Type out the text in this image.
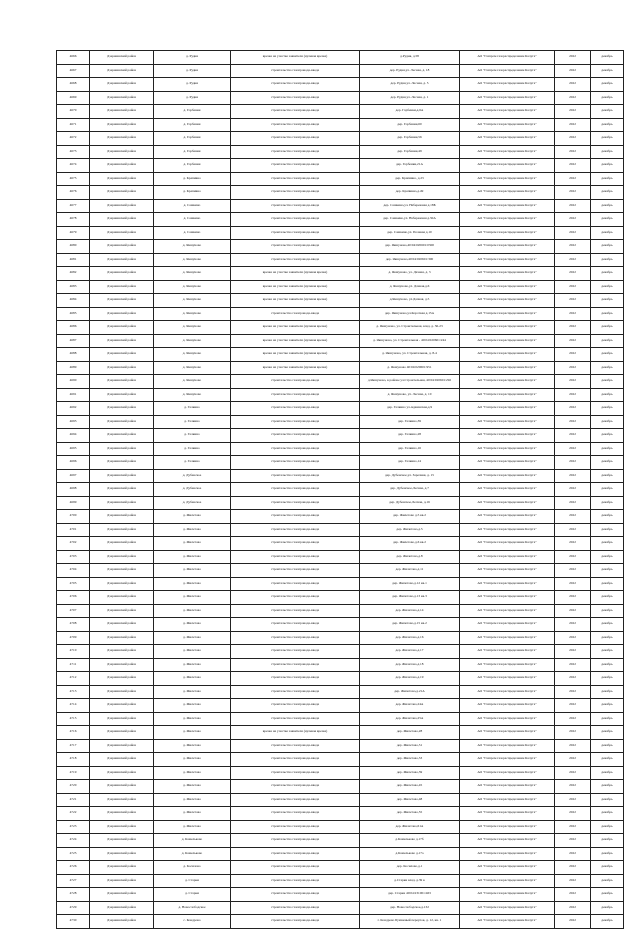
4666	Дзержинский район	д. Рудня	врезка на участке заявителя (нулевая врезка)	д.Рудня, д.58	АО "Газпром газораспределение Калуга"	2022	декабрь
4667	Дзержинский район	д. Рудня	строительство газопровода-ввода	дер. Рудня,ул. Лесная, д. 18	АО "Газпром газораспределение Калуга"	2022	декабрь
4668	Дзержинский район	д. Рудня	строительство газопровода-ввода	дер. Рудня,ул. Лесная, д. 5	АО "Газпром газораспределение Калуга"	2022	декабрь
4669	Дзержинский район	д. Рудня	строительство газопровода-ввода	дер. Рудня,ул. Лесная, д. 1	АО "Газпром газораспределение Калуга"	2022	декабрь
4670	Дзержинский район	д. Горбенки	строительство газопровода-ввода	дер. Горбенки,д.6А	АО "Газпром газораспределение Калуга"	2022	декабрь
4671	Дзержинский район	д. Горбенки	строительство газопровода-ввода	дер. Горбенки,60	АО "Газпром газораспределение Калуга"	2022	декабрь
4672	Дзержинский район	д. Горбенки	строительство газопровода-ввода	дер. Горбенки,56	АО "Газпром газораспределение Калуга"	2022	декабрь
4673	Дзержинский район	д. Горбенки	строительство газопровода-ввода	дер. Горбенки,49	АО "Газпром газораспределение Калуга"	2022	декабрь
4674	Дзержинский район	д. Горбенки	строительство газопровода-ввода	дер. Горбенки,21А	АО "Газпром газораспределение Калуга"	2022	декабрь
4675	Дзержинский район	д. Крапивно	строительство газопровода-ввода	дер. Крапивно, д.23	АО "Газпром газораспределение Калуга"	2022	декабрь
4676	Дзержинский район	д. Крапивно	строительство газопровода-ввода	дер. Крапивно,д.49	АО "Газпром газораспределение Калуга"	2022	декабрь
4677	Дзержинский район	д. Сашкино	строительство газопровода-ввода	дер. Сашкино,ул. Набережная д.18Б	АО "Газпром газораспределение Калуга"	2022	декабрь
4678	Дзержинский район	д. Сашкино	строительство газопровода-ввода	дер. Сашкино,ул. Набережная д.30А	АО "Газпром газораспределение Калуга"	2022	декабрь
4679	Дзержинский район	д. Сашкино	строительство газопровода-ввода	дер. Сашкино,ул. Полевая д.10	АО "Газпром газораспределение Калуга"	2022	декабрь
4680	Дзержинский район	д. Якшуново	строительство газопровода-ввода	дер. Якшуново,40:04:020601:0300	АО "Газпром газораспределение Калуга"	2022	декабрь
4681	Дзержинский район	д. Якшуново	строительство газопровода-ввода	дер. Якшуново,40:04:020601:300	АО "Газпром газораспределение Калуга"	2022	декабрь
4682	Дзержинский район	д. Якшуново	врезка на участке заявителя (нулевая врезка)	д. Якшуново, ул. Дачная, д. 3	АО "Газпром газораспределение Калуга"	2022	декабрь
4683	Дзержинский район	д. Якшуново	врезка на участке заявителя (нулевая врезка)	д. Якшуново,ул. Дачная,д.6	АО "Газпром газораспределение Калуга"	2022	декабрь
4684	Дзержинский район	д. Якшуново	врезка на участке заявителя (нулевая врезка)	д.Якшуново, ул.Дачная, д.5	АО "Газпром газораспределение Калуга"	2022	декабрь
4685	Дзержинский район	д. Якшуново	строительство газопровода-ввода	дер. Якшуново,ул.Короткая д.15А	АО "Газпром газораспределение Калуга"	2022	декабрь
4686	Дзержинский район	д. Якшуново	врезка на участке заявителя (нулевая врезка)	д. Якшуново, ул. Строительная, влад. д. 36-23	АО "Газпром газораспределение Калуга"	2022	декабрь
4687	Дзержинский район	д. Якшуново	врезка на участке заявителя (нулевая врезка)	д. Якшуново, ул. Строительная - 40:04:020601:244	АО "Газпром газораспределение Калуга"	2022	декабрь
4688	Дзержинский район	д. Якшуново	врезка на участке заявителя (нулевая врезка)	д. Якшуново, ул. Строительная, д. 8-4	АО "Газпром газораспределение Калуга"	2022	декабрь
4689	Дзержинский район	д. Якшуново	врезка на участке заявителя (нулевая врезка)	д. Якшуново 40:04:020601:951	АО "Газпром газораспределение Калуга"	2022	декабрь
4690	Дзержинский район	д. Якшуново	строительство газопровода-ввода	д.Якшуново, в районе ул.Строительная, 40:04:020601:292	АО "Газпром газораспределение Калуга"	2022	декабрь
4691	Дзержинский район	д. Якшуново	строительство газопровода-ввода	д. Якшуново, ул. Лесная, д. 10	АО "Газпром газораспределение Калуга"	2022	декабрь
4692	Дзержинский район	д. Галкино	строительство газопровода-ввода	дер. Галкино ул.Аджинская,д.9	АО "Газпром газораспределение Калуга"	2022	декабрь
4693	Дзержинский район	д. Галкино	строительство газопровода-ввода	дер. Галкино,39	АО "Газпром газораспределение Калуга"	2022	декабрь
4694	Дзержинский район	д. Галкино	строительство газопровода-ввода	дер. Галкино,28	АО "Газпром газораспределение Калуга"	2022	декабрь
4695	Дзержинский район	д. Галкино	строительство газопровода-ввода	дер. Галкино,16	АО "Газпром газораспределение Калуга"	2022	декабрь
4696	Дзержинский район	д. Галкино	строительство газопровода-ввода	дер. Галкино,14	АО "Газпром газораспределение Калуга"	2022	декабрь
4697	Дзержинский район	д. Дубенское	строительство газопровода-ввода	дер. Дубенское,ул. Заречная, д. 15	АО "Газпром газораспределение Калуга"	2022	декабрь
4698	Дзержинский район	д. Дубенское	строительство газопровода-ввода	дер. Дубенское,Лесная, д.7	АО "Газпром газораспределение Калуга"	2022	декабрь
4699	Дзержинский район	д. Дубенское	строительство газопровода-ввода	дер. Дубенское,Лесная, д.16	АО "Газпром газораспределение Калуга"	2022	декабрь
4700	Дзержинский район	д. Жилетово	строительство газопровода-ввода	дер. Жилетово д.5 кв.2	АО "Газпром газораспределение Калуга"	2022	декабрь
4701	Дзержинский район	д. Жилетово	строительство газопровода-ввода	дер. Жилетово,д.5	АО "Газпром газораспределение Калуга"	2022	декабрь
4702	Дзержинский район	д. Жилетово	строительство газопровода-ввода	дер. Жилетово,д.6 кв.2	АО "Газпром газораспределение Калуга"	2022	декабрь
4703	Дзержинский район	д. Жилетово	строительство газопровода-ввода	дер. Жилетово,д.8	АО "Газпром газораспределение Калуга"	2022	декабрь
4704	Дзержинский район	д. Жилетово	строительство газопровода-ввода	дер. Жилетово,д.11	АО "Газпром газораспределение Калуга"	2022	декабрь
4705	Дзержинский район	д. Жилетово	строительство газопровода-ввода	дер. Жилетово,д.12 кв.1	АО "Газпром газораспределение Калуга"	2022	декабрь
4706	Дзержинский район	д. Жилетово	строительство газопровода-ввода	дер. Жилетово,д.13 кв.3	АО "Газпром газораспределение Калуга"	2022	декабрь
4707	Дзержинский район	д. Жилетово	строительство газопровода-ввода	дер. Жилетово,д.14	АО "Газпром газораспределение Калуга"	2022	декабрь
4708	Дзержинский район	д. Жилетово	строительство газопровода-ввода	дер. Жилетово,д.15 кв.2	АО "Газпром газораспределение Калуга"	2022	декабрь
4709	Дзержинский район	д. Жилетово	строительство газопровода-ввода	дер. Жилетово,д.16	АО "Газпром газораспределение Калуга"	2022	декабрь
4710	Дзержинский район	д. Жилетово	строительство газопровода-ввода	дер. Жилетово,д.17	АО "Газпром газораспределение Калуга"	2022	декабрь
4711	Дзержинский район	д. Жилетово	строительство газопровода-ввода	дер. Жилетово,д.18	АО "Газпром газораспределение Калуга"	2022	декабрь
4712	Дзержинский район	д. Жилетово	строительство газопровода-ввода	дер. Жилетово,д.19	АО "Газпром газораспределение Калуга"	2022	декабрь
4713	Дзержинский район	д. Жилетово	строительство газопровода-ввода	дер. Жилетово,д.21А	АО "Газпром газораспределение Калуга"	2022	декабрь
4714	Дзержинский район	д. Жилетово	строительство газопровода-ввода	дер. Жилетово,24А	АО "Газпром газораспределение Калуга"	2022	декабрь
4715	Дзержинский район	д. Жилетово	строительство газопровода-ввода	дер. Жилетово,25А	АО "Газпром газораспределение Калуга"	2022	декабрь
4716	Дзержинский район	д. Жилетово	врезка на участке заявителя (нулевая врезка)	дер. Жилетово,28	АО "Газпром газораспределение Калуга"	2022	декабрь
4717	Дзержинский район	д. Жилетово	строительство газопровода-ввода	дер. Жилетово,31	АО "Газпром газораспределение Калуга"	2022	декабрь
4718	Дзержинский район	д. Жилетово	строительство газопровода-ввода	дер. Жилетово,33	АО "Газпром газораспределение Калуга"	2022	декабрь
4719	Дзержинский район	д. Жилетово	строительство газопровода-ввода	дер. Жилетово,39	АО "Газпром газораспределение Калуга"	2022	декабрь
4720	Дзержинский район	д. Жилетово	строительство газопровода-ввода	дер. Жилетово,45	АО "Газпром газораспределение Калуга"	2022	декабрь
4721	Дзержинский район	д. Жилетово	строительство газопровода-ввода	дер. Жилетово,48	АО "Газпром газораспределение Калуга"	2022	декабрь
4722	Дзержинский район	д. Жилетово	строительство газопровода-ввода	дер. Жилетово,55	АО "Газпром газораспределение Калуга"	2022	декабрь
4723	Дзержинский район	д. Жилетово	строительство газопровода-ввода	дер. Жилетово,61А	АО "Газпром газораспределение Калуга"	2022	декабрь
4724	Дзержинский район	д. Камельково	строительство газопровода-ввода	д.Камельково д.17б	АО "Газпром газораспределение Калуга"	2022	декабрь
4725	Дзержинский район	д. Камельково	строительство газопровода-ввода	д.Камельково д.17а	АО "Газпром газораспределение Калуга"	2022	декабрь
4726	Дзержинский район	д. Косилово	строительство газопровода-ввода	дер. Косилово,д.1	АО "Газпром газораспределение Калуга"	2022	декабрь
4727	Дзержинский район	д. Старки	строительство газопровода-ввода	д.Старки влад. д.39 к	АО "Газпром газораспределение Калуга"	2022	декабрь
4728	Дзержинский район	д. Старки	строительство газопровода-ввода	дер. Старки 40:04:231001:463	АО "Газпром газораспределение Калуга"	2022	декабрь
4729	Дзержинский район	д. Новослободское	строительство газопровода-ввода	дер. Новослободское,д.132	АО "Газпром газораспределение Калуга"	2022	декабрь
4730	Дзержинский район	с. Кондрово	строительство газопровода-ввода	г. Кондрово Бумажный переулок, д. 12, кв. 1	АО "Газпром газораспределение Калуга"	2022	декабрь
